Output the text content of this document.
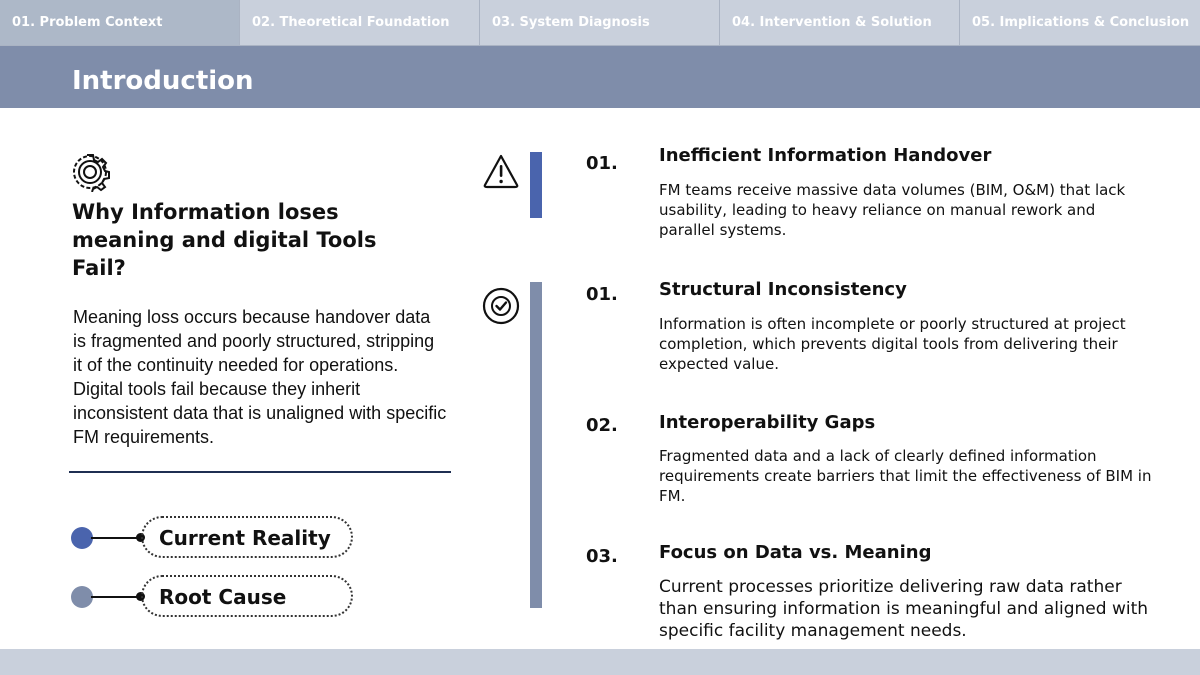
01. Problem Context	02. Theoretical Foundation	03. System Diagnosis	04. Intervention & Solution	05. Implications & Conclusion
Introduction
Why Information loses meaning and digital Tools Fail?
Meaning loss occurs because handover data is fragmented and poorly structured, stripping it of the continuity needed for operations. Digital tools fail because they inherit inconsistent data that is unaligned with specific FM requirements.
Current Reality
Root Cause
01. Inefficient Information Handover
FM teams receive massive data volumes (BIM, O&M) that lack usability, leading to heavy reliance on manual rework and parallel systems.
01. Structural Inconsistency
Information is often incomplete or poorly structured at project completion, which prevents digital tools from delivering their expected value.
02. Interoperability Gaps
Fragmented data and a lack of clearly defined information requirements create barriers that limit the effectiveness of BIM in FM.
03. Focus on Data vs. Meaning
Current processes prioritize delivering raw data rather than ensuring information is meaningful and aligned with specific facility management needs.
